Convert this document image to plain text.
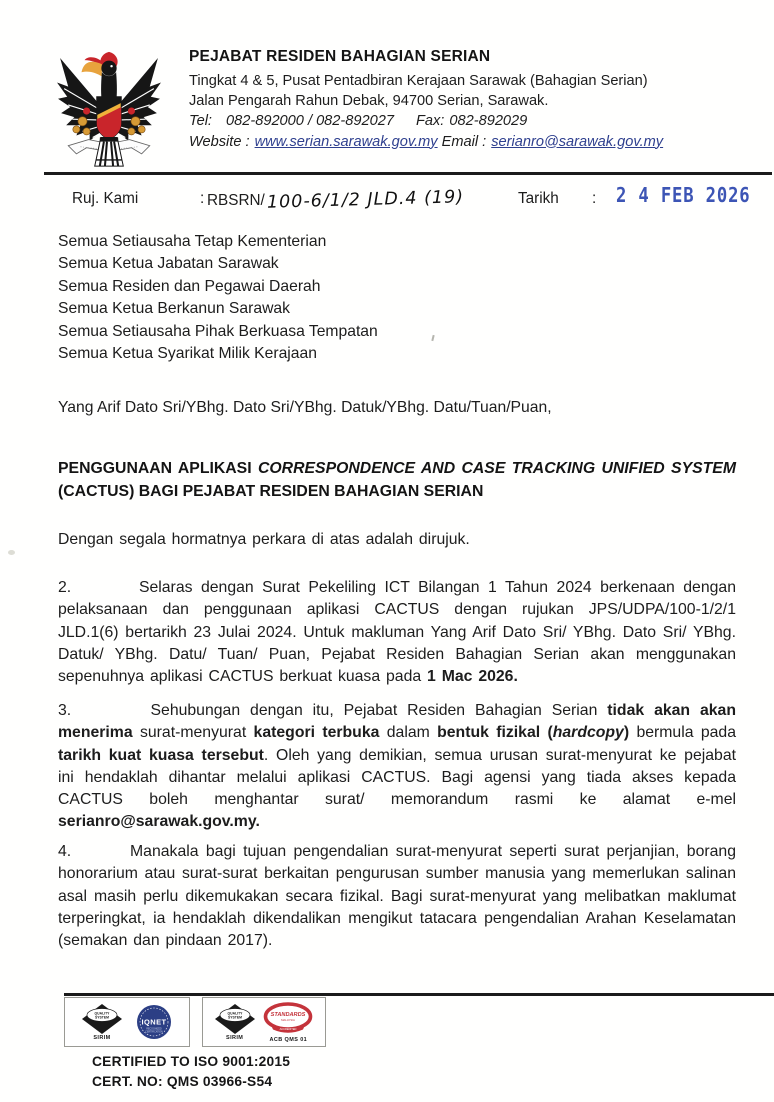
PEJABAT RESIDEN BAHAGIAN SERIAN
Tingkat 4 & 5, Pusat Pentadbiran Kerajaan Sarawak (Bahagian Serian)
Jalan Pengarah Rahun Debak, 94700 Serian, Sarawak.
Tel: 082-892000 / 082-892027 Fax: 082-892029
Website : www.serian.sarawak.gov.my Email : serianro@sarawak.gov.my
Ruj. Kami	: RBSRN/ 100-6/1/2 JLD.4 (19)	Tarikh : 2 4 FEB 2026
Semua Setiausaha Tetap Kementerian
Semua Ketua Jabatan Sarawak
Semua Residen dan Pegawai Daerah
Semua Ketua Berkanun Sarawak
Semua Setiausaha Pihak Berkuasa Tempatan
Semua Ketua Syarikat Milik Kerajaan
Yang Arif Dato Sri/YBhg. Dato Sri/YBhg. Datuk/YBhg. Datu/Tuan/Puan,
PENGGUNAAN APLIKASI CORRESPONDENCE AND CASE TRACKING UNIFIED SYSTEM (CACTUS) BAGI PEJABAT RESIDEN BAHAGIAN SERIAN
Dengan segala hormatnya perkara di atas adalah dirujuk.
2.        Selaras dengan Surat Pekeliling ICT Bilangan 1 Tahun 2024 berkenaan dengan pelaksanaan dan penggunaan aplikasi CACTUS dengan rujukan JPS/UDPA/100-1/2/1 JLD.1(6) bertarikh 23 Julai 2024. Untuk makluman Yang Arif Dato Sri/ YBhg. Dato Sri/ YBhg. Datuk/ YBhg. Datu/ Tuan/ Puan, Pejabat Residen Bahagian Serian akan menggunakan sepenuhnya aplikasi CACTUS berkuat kuasa pada 1 Mac 2026.
3.        Sehubungan dengan itu, Pejabat Residen Bahagian Serian tidak akan akan menerima surat-menyurat kategori terbuka dalam bentuk fizikal (hardcopy) bermula pada tarikh kuat kuasa tersebut. Oleh yang demikian, semua urusan surat-menyurat ke pejabat ini hendaklah dihantar melalui aplikasi CACTUS. Bagi agensi yang tiada akses kepada CACTUS boleh menghantar surat/ memorandum rasmi ke alamat e-mel serianro@sarawak.gov.my.
4.        Manakala bagi tujuan pengendalian surat-menyurat seperti surat perjanjian, borang honorarium atau surat-surat berkaitan pengurusan sumber manusia yang memerlukan salinan asal masih perlu dikemukakan secara fizikal. Bagi surat-menyurat yang melibatkan maklumat terperingkat, ia hendaklah dikendalikan mengikut tatacara pengendalian Arahan Keselamatan (semakan dan pindaan 2017).
QUALITY
SYSTEM
SIRIM
IQNET
RECOGNIZED
CERTIFICATION
QUALITY
SYSTEM
SIRIM
STANDARDS
MALAYSIA
ACCREDITED
ACB QMS 01
CERTIFIED TO ISO 9001:2015
CERT. NO: QMS 03966-S54
